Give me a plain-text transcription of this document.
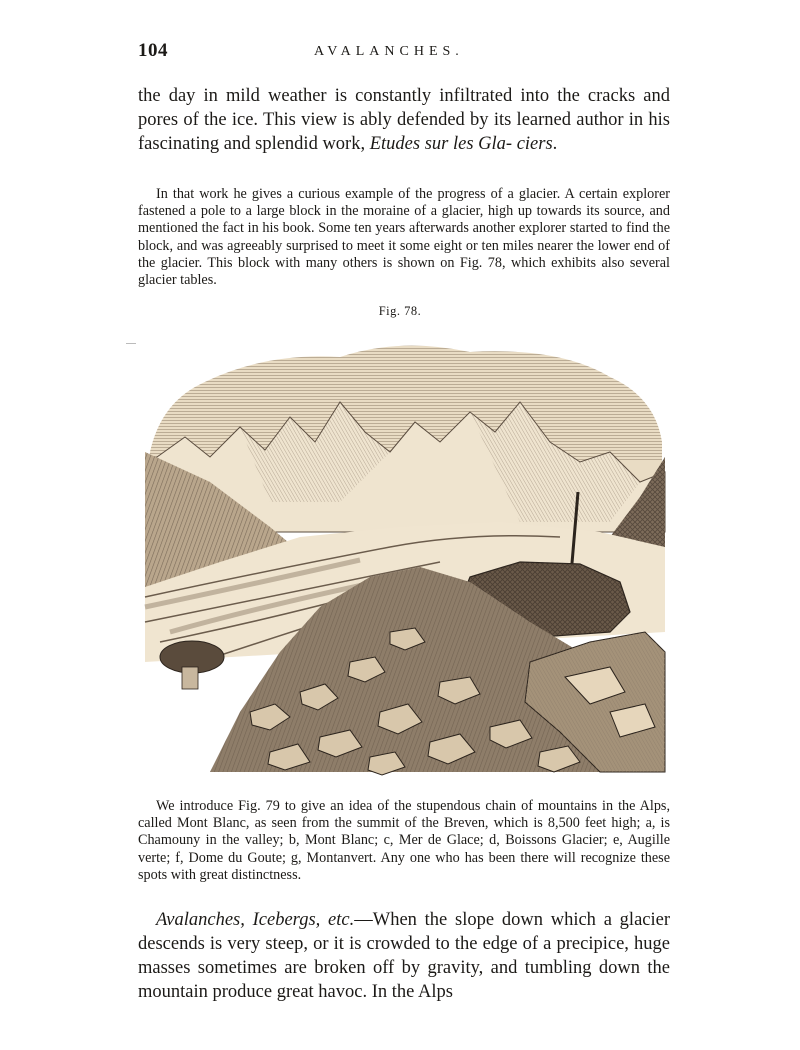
104	AVALANCHES.
the day in mild weather is constantly infiltrated into the cracks and pores of the ice. This view is ably defended by its learned author in his fascinating and splendid work, Etudes sur les Gla- ciers.

In that work he gives a curious example of the progress of a glacier. A certain explorer fastened a pole to a large block in the moraine of a glacier, high up towards its source, and mentioned the fact in his book. Some ten years afterwards another explorer started to find the block, and was agreeably surprised to meet it some eight or ten miles nearer the lower end of the glacier. This block with many others is shown on Fig. 78, which exhibits also several glacier tables.

Fig. 78.

We introduce Fig. 79 to give an idea of the stupendous chain of mountains in the Alps, called Mont Blanc, as seen from the summit of the Breven, which is 8,500 feet high; a, is Chamouny in the valley; b, Mont Blanc; c, Mer de Glace; d, Boissons Glacier; e, Augille verte; f, Dome du Goute; g, Montanvert. Any one who has been there will recognize these spots with great distinctness.

Avalanches, Icebergs, etc.—When the slope down which a glacier descends is very steep, or it is crowded to the edge of a precipice, huge masses sometimes are broken off by gravity, and tumbling down the mountain produce great havoc. In the Alps
